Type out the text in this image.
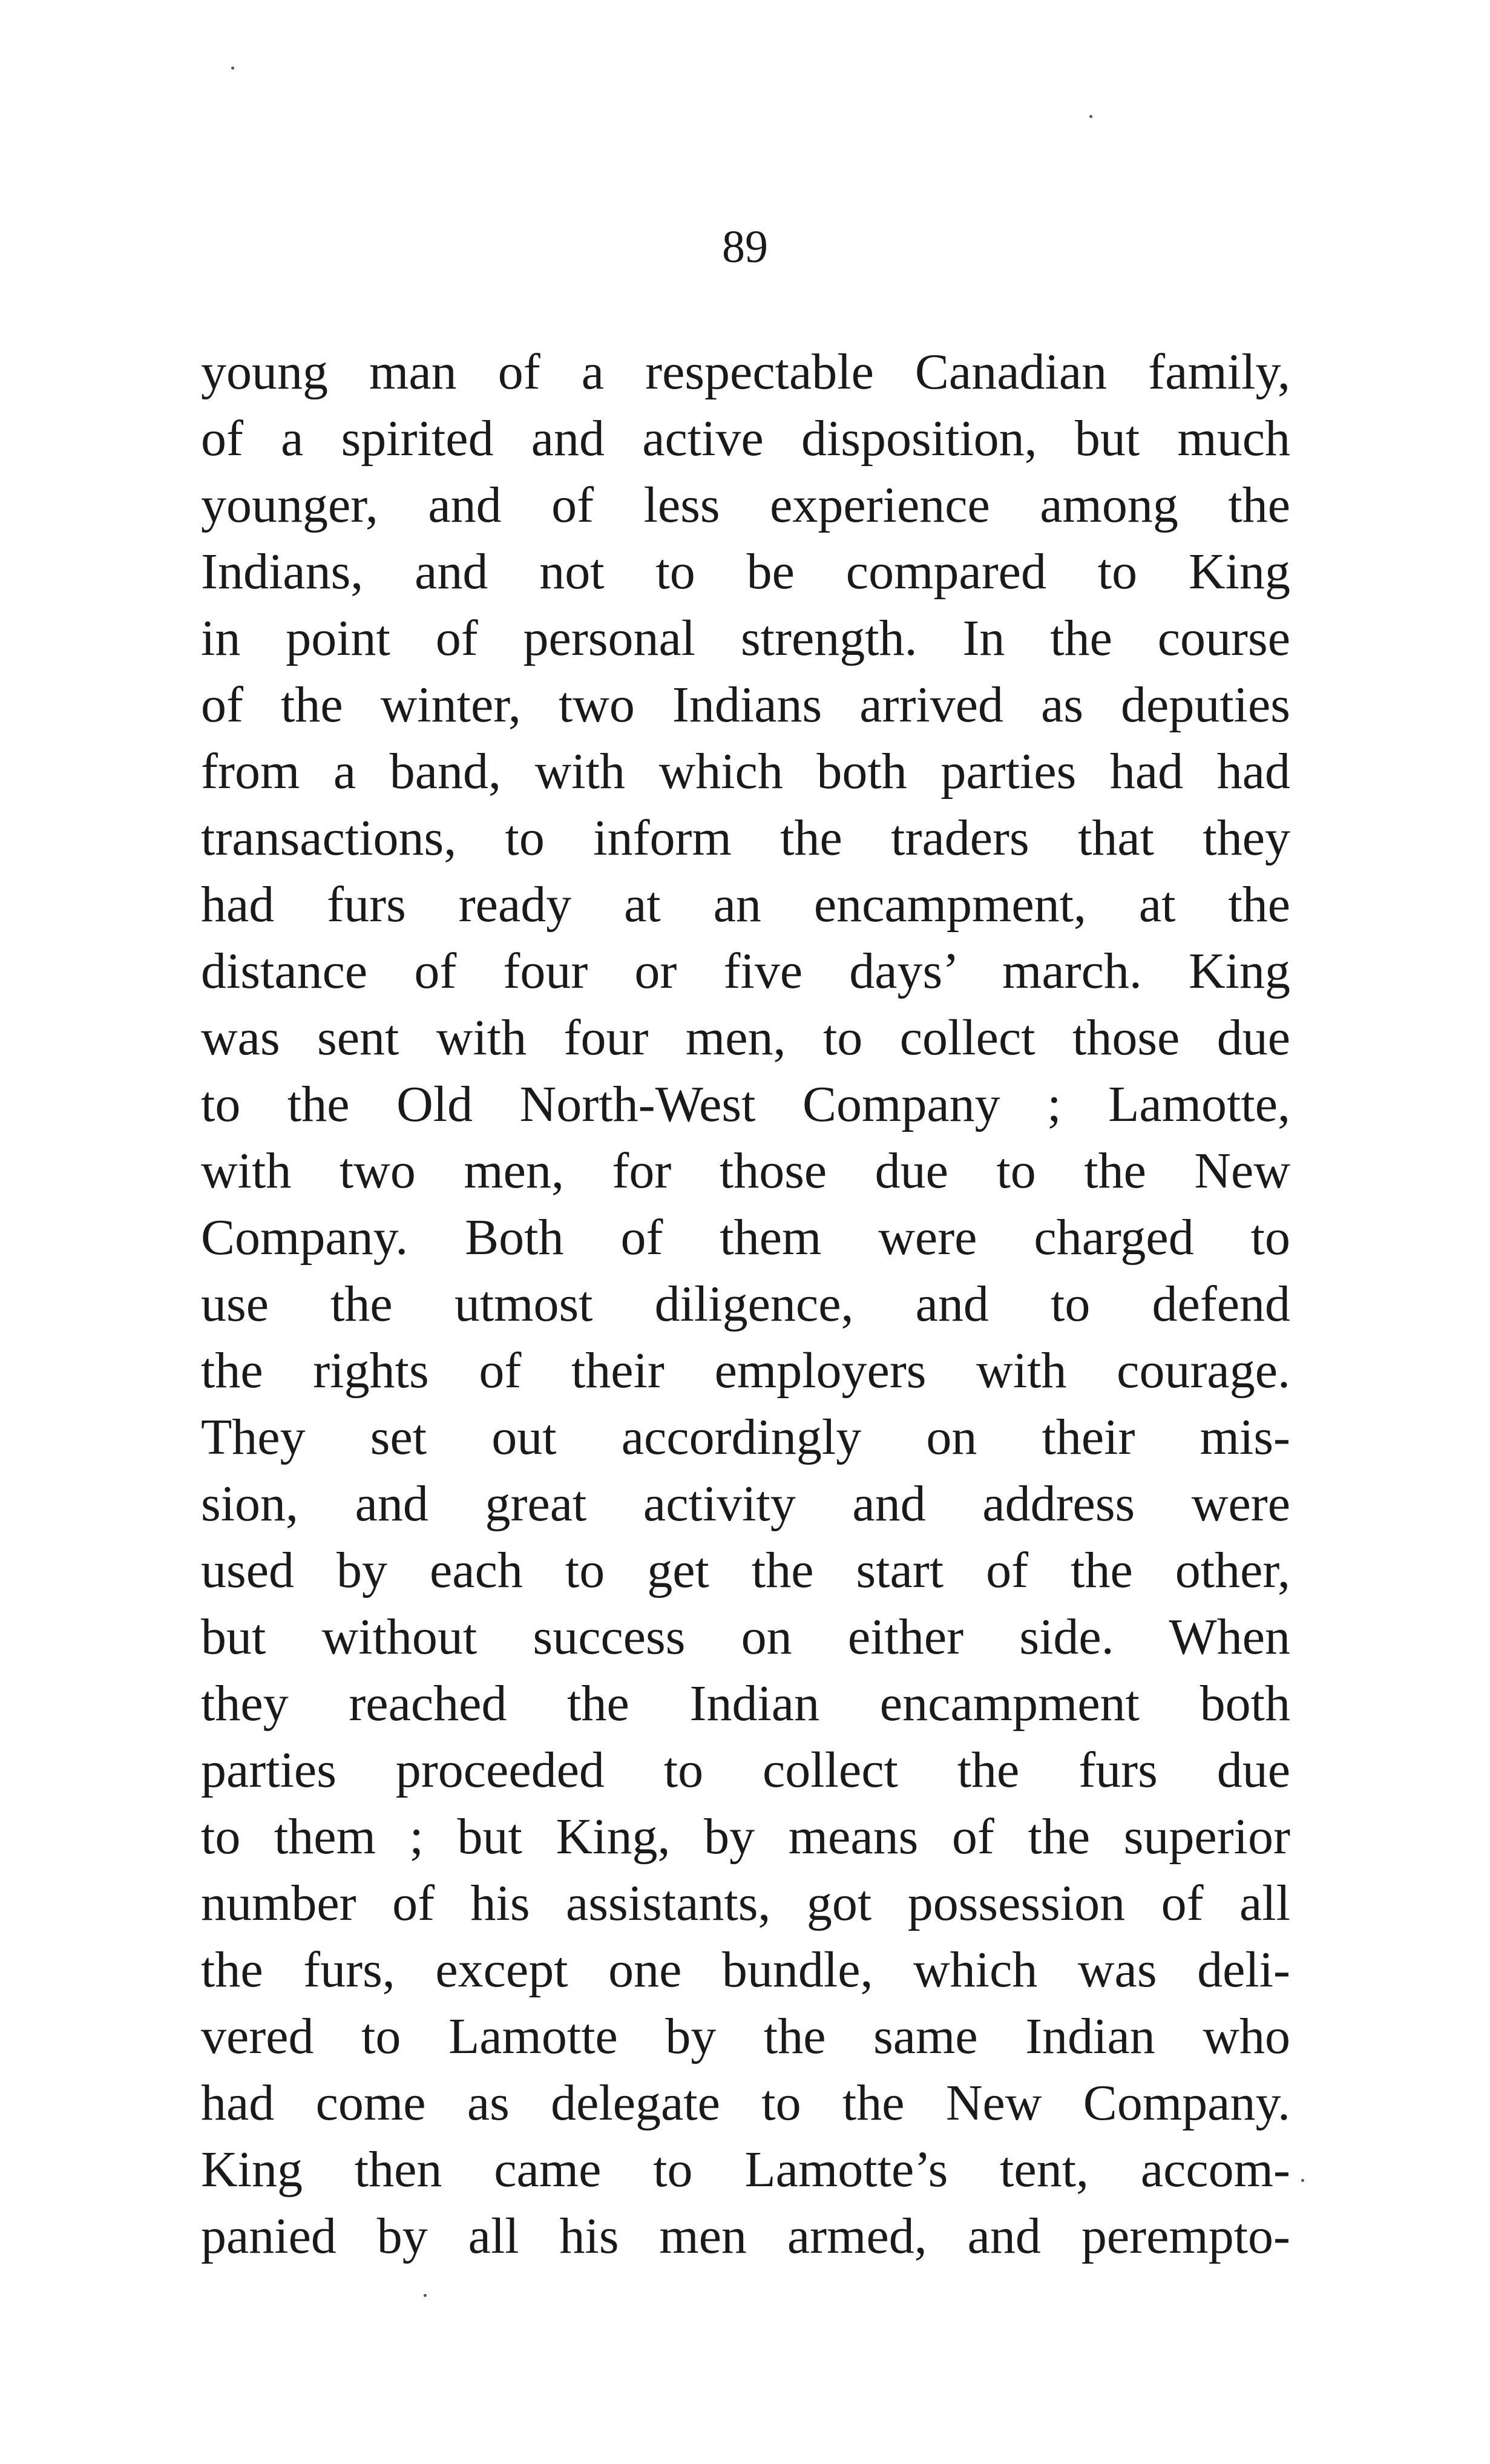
89
young man of a respectable Canadian family,
of a spirited and active disposition, but much
younger, and of less experience among the
Indians, and not to be compared to King
in point of personal strength. In the course
of the winter, two Indians arrived as deputies
from a band, with which both parties had had
transactions, to inform the traders that they
had furs ready at an encampment, at the
distance of four or five days’ march. King
was sent with four men, to collect those due
to the Old North-West Company ; Lamotte,
with two men, for those due to the New
Company. Both of them were charged to
use the utmost diligence, and to defend
the rights of their employers with courage.
They set out accordingly on their mis-
sion, and great activity and address were
used by each to get the start of the other,
but without success on either side. When
they reached the Indian encampment both
parties proceeded to collect the furs due
to them ; but King, by means of the superior
number of his assistants, got possession of all
the furs, except one bundle, which was deli-
vered to Lamotte by the same Indian who
had come as delegate to the New Company.
King then came to Lamotte’s tent, accom-
panied by all his men armed, and perempto-
